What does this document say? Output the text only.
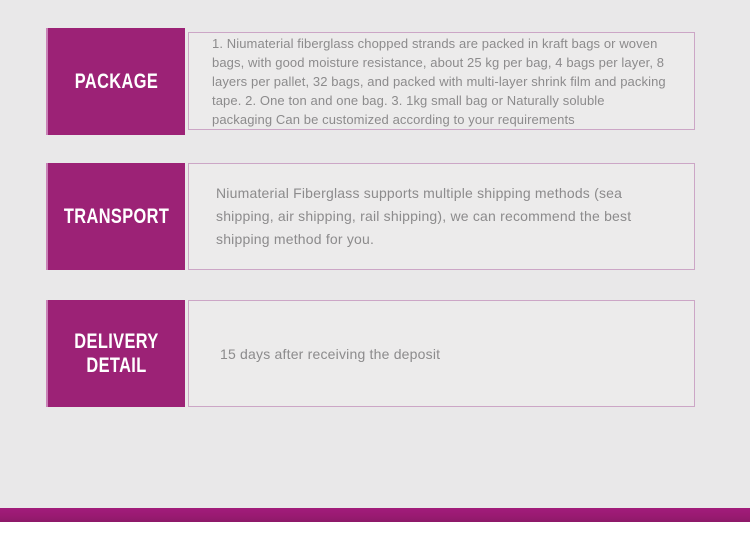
PACKAGE

1. Niumaterial fiberglass chopped strands are packed in kraft bags or woven bags, with good moisture resistance, about 25 kg per bag, 4 bags per layer, 8 layers per pallet, 32 bags, and packed with multi-layer shrink film and packing tape. 2. One ton and one bag. 3. 1kg small bag or Naturally soluble packaging Can be customized according to your requirements

TRANSPORT

Niumaterial Fiberglass supports multiple shipping methods (sea shipping, air shipping, rail shipping), we can recommend the best shipping method for you.

DELIVERY DETAIL	15 days after receiving the deposit
